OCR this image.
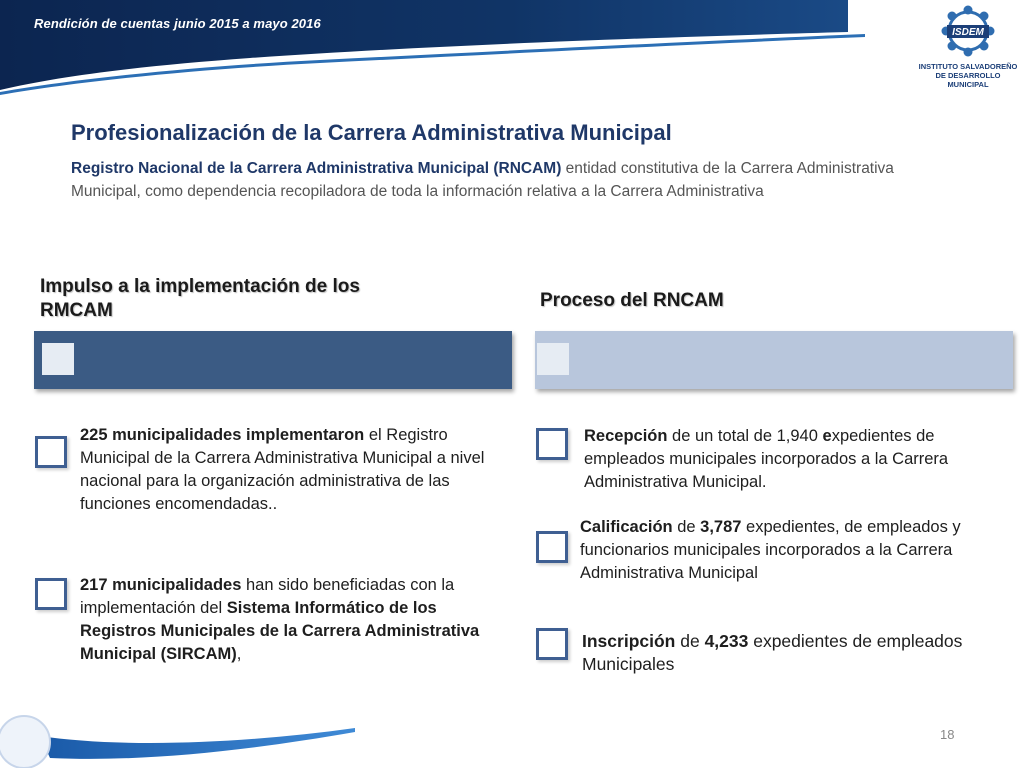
Rendición de cuentas junio 2015 a mayo 2016
ISDEM
INSTITUTO SALVADOREÑO
DE DESARROLLO MUNICIPAL
Profesionalización de la Carrera Administrativa Municipal
Registro Nacional de la Carrera Administrativa Municipal (RNCAM) entidad constitutiva de la Carrera Administrativa Municipal, como dependencia recopiladora de toda la información relativa a la Carrera Administrativa
Impulso a la implementación de los
RMCAM	Proceso del RNCAM
225 municipalidades implementaron el Registro Municipal de la Carrera Administrativa Municipal a nivel nacional para la organización administrativa de las funciones encomendadas..
217 municipalidades han sido beneficiadas con la implementación del Sistema Informático de los Registros Municipales de la Carrera Administrativa Municipal (SIRCAM),
Recepción de un total de 1,940 expedientes de empleados municipales incorporados a la Carrera Administrativa Municipal.
Calificación de 3,787 expedientes, de empleados y funcionarios municipales incorporados a la Carrera Administrativa Municipal
Inscripción de 4,233 expedientes de empleados Municipales
18
